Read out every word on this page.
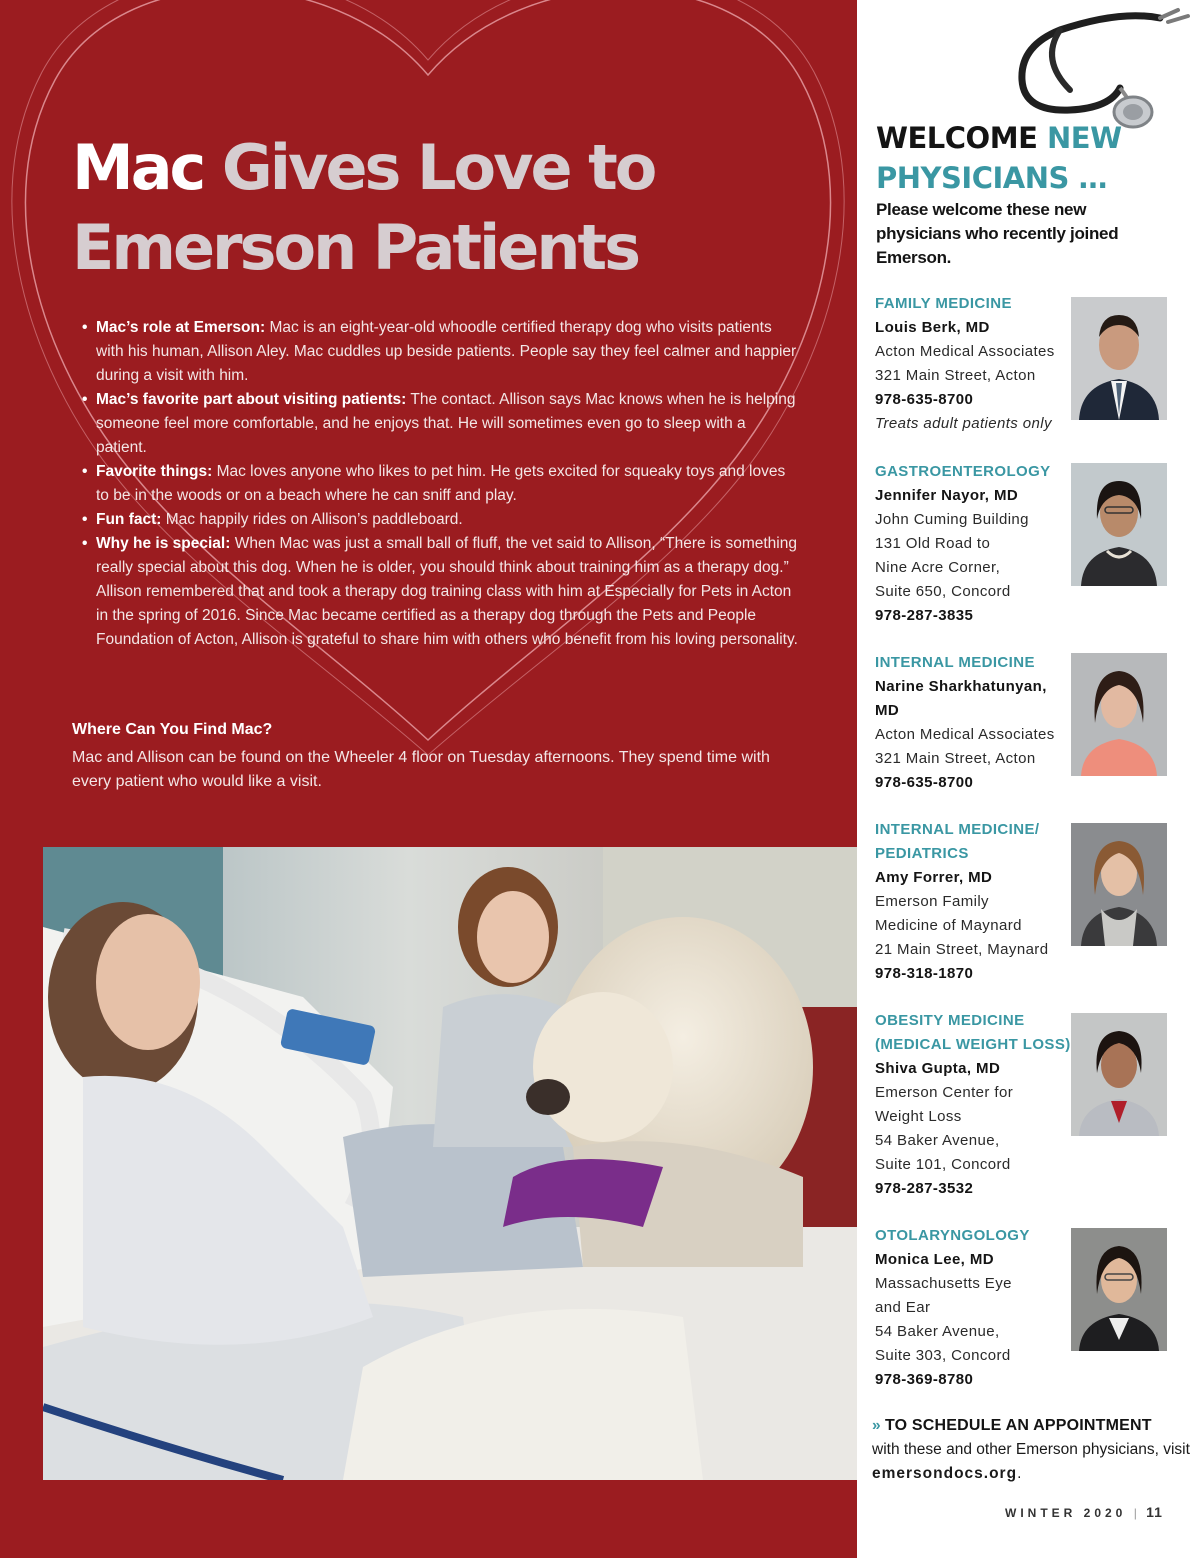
Mac Gives Love to Emerson Patients
• Mac’s role at Emerson: Mac is an eight-year-old whoodle certified therapy dog who visits patients with his human, Allison Aley. Mac cuddles up beside patients. People say they feel calmer and happier during a visit with him.
• Mac’s favorite part about visiting patients: The contact. Allison says Mac knows when he is helping someone feel more comfortable, and he enjoys that. He will sometimes even go to sleep with a patient.
• Favorite things: Mac loves anyone who likes to pet him. He gets excited for squeaky toys and loves to be in the woods or on a beach where he can sniff and play.
• Fun fact: Mac happily rides on Allison’s paddleboard.
• Why he is special: When Mac was just a small ball of fluff, the vet said to Allison, “There is something really special about this dog. When he is older, you should think about training him as a therapy dog.” Allison remembered that and took a therapy dog training class with him at Especially for Pets in Acton in the spring of 2016. Since Mac became certified as a therapy dog through the Pets and People Foundation of Acton, Allison is grateful to share him with others who benefit from his loving personality.
Where Can You Find Mac?
Mac and Allison can be found on the Wheeler 4 floor on Tuesday afternoons. They spend time with every patient who would like a visit.
WELCOME NEW
PHYSICIANS …
Please welcome these new physicians who recently joined Emerson.
FAMILY MEDICINE
Louis Berk, MD
Acton Medical Associates
321 Main Street, Acton
978-635-8700
Treats adult patients only
GASTROENTEROLOGY
Jennifer Nayor, MD
John Cuming Building
131 Old Road to
Nine Acre Corner,
Suite 650, Concord
978-287-3835
INTERNAL MEDICINE
Narine Sharkhatunyan, MD
Acton Medical Associates
321 Main Street, Acton
978-635-8700
INTERNAL MEDICINE/ PEDIATRICS
Amy Forrer, MD
Emerson Family
Medicine of Maynard
21 Main Street, Maynard
978-318-1870
OBESITY MEDICINE (MEDICAL WEIGHT LOSS)
Shiva Gupta, MD
Emerson Center for
Weight Loss
54 Baker Avenue,
Suite 101, Concord
978-287-3532
OTOLARYNGOLOGY
Monica Lee, MD
Massachusetts Eye
and Ear
54 Baker Avenue,
Suite 303, Concord
978-369-8780
» TO SCHEDULE AN APPOINTMENT
with these and other Emerson physicians, visit emersondocs.org.
WINTER 2020 | 11
